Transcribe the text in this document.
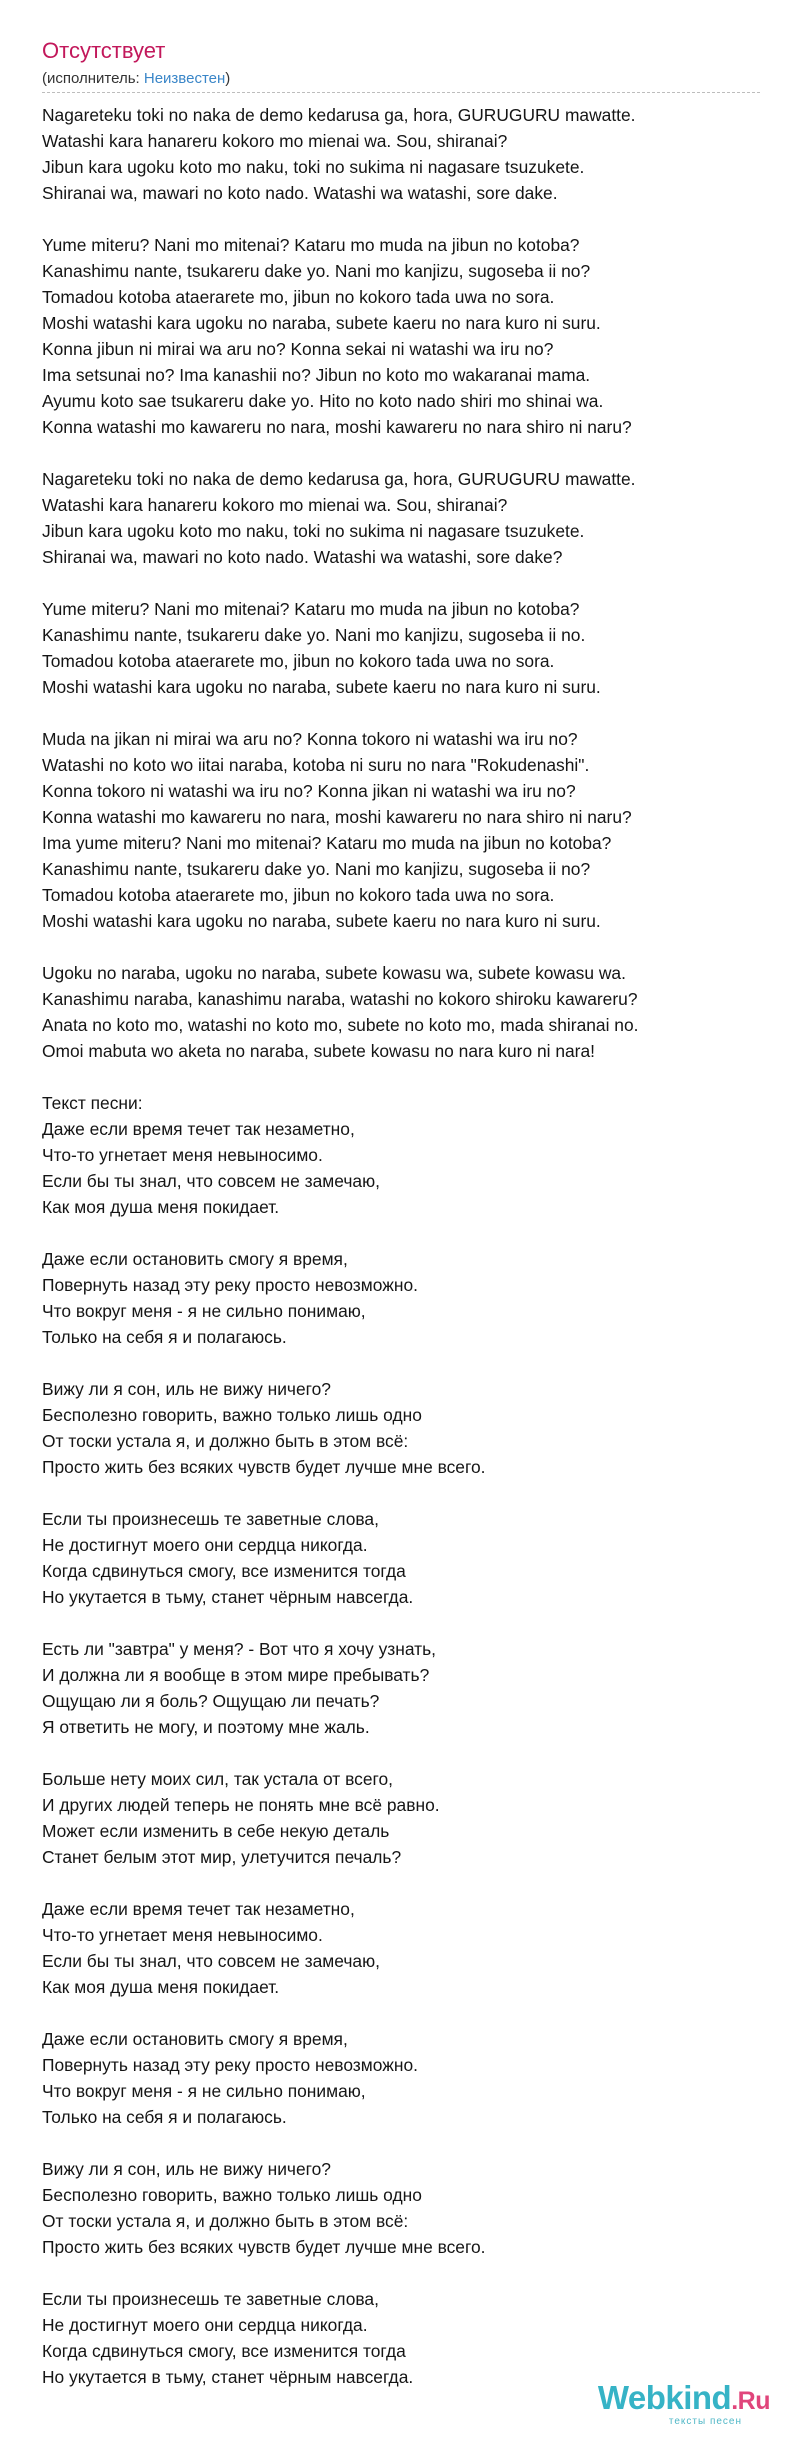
Отсутствует
(исполнитель: Неизвестен)
Nagareteku toki no naka de demo kedarusa ga, hora, GURUGURU mawatte.
Watashi kara hanareru kokoro mo mienai wa. Sou, shiranai?
Jibun kara ugoku koto mo naku, toki no sukima ni nagasare tsuzukete.
Shiranai wa, mawari no koto nado. Watashi wa watashi, sore dake.
Yume miteru? Nani mo mitenai? Kataru mo muda na jibun no kotoba?
Kanashimu nante, tsukareru dake yo. Nani mo kanjizu, sugoseba ii no?
Tomadou kotoba ataerarete mo, jibun no kokoro tada uwa no sora.
Moshi watashi kara ugoku no naraba, subete kaeru no nara kuro ni suru.
Konna jibun ni mirai wa aru no? Konna sekai ni watashi wa iru no?
Ima setsunai no? Ima kanashii no? Jibun no koto mo wakaranai mama.
Ayumu koto sae tsukareru dake yo. Hito no koto nado shiri mo shinai wa.
Konna watashi mo kawareru no nara, moshi kawareru no nara shiro ni naru?
Nagareteku toki no naka de demo kedarusa ga, hora, GURUGURU mawatte.
Watashi kara hanareru kokoro mo mienai wa. Sou, shiranai?
Jibun kara ugoku koto mo naku, toki no sukima ni nagasare tsuzukete.
Shiranai wa, mawari no koto nado. Watashi wa watashi, sore dake?
Yume miteru? Nani mo mitenai? Kataru mo muda na jibun no kotoba?
Kanashimu nante, tsukareru dake yo. Nani mo kanjizu, sugoseba ii no.
Tomadou kotoba ataerarete mo, jibun no kokoro tada uwa no sora.
Moshi watashi kara ugoku no naraba, subete kaeru no nara kuro ni suru.
Muda na jikan ni mirai wa aru no? Konna tokoro ni watashi wa iru no?
Watashi no koto wo iitai naraba, kotoba ni suru no nara "Rokudenashi".
Konna tokoro ni watashi wa iru no? Konna jikan ni watashi wa iru no?
Konna watashi mo kawareru no nara, moshi kawareru no nara shiro ni naru?
Ima yume miteru? Nani mo mitenai? Kataru mo muda na jibun no kotoba?
Kanashimu nante, tsukareru dake yo. Nani mo kanjizu, sugoseba ii no?
Tomadou kotoba ataerarete mo, jibun no kokoro tada uwa no sora.
Moshi watashi kara ugoku no naraba, subete kaeru no nara kuro ni suru.
Ugoku no naraba, ugoku no naraba, subete kowasu wa, subete kowasu wa.
Kanashimu naraba, kanashimu naraba, watashi no kokoro shiroku kawareru?
Anata no koto mo, watashi no koto mo, subete no koto mo, mada shiranai no.
Omoi mabuta wo aketa no naraba, subete kowasu no nara kuro ni nara!
Текст песни:
Даже если время течет так незаметно,
Что-то угнетает меня невыносимо.
Если бы ты знал, что совсем не замечаю,
Как моя душа меня покидает.
Даже если остановить смогу я время,
Повернуть назад эту реку просто невозможно.
Что вокруг меня - я не сильно понимаю,
Только на себя я и полагаюсь.
Вижу ли я сон, иль не вижу ничего?
Бесполезно говорить, важно только лишь одно
От тоски устала я, и должно быть в этом всё:
Просто жить без всяких чувств будет лучше мне всего.
Если ты произнесешь те заветные слова,
Не достигнут моего они сердца никогда.
Когда сдвинуться смогу, все изменится тогда
Но укутается в тьму, станет чёрным навсегда.
Есть ли "завтра" у меня? - Вот что я хочу узнать,
И должна ли я вообще в этом мире пребывать?
Ощущаю ли я боль? Ощущаю ли печать?
Я ответить не могу, и поэтому мне жаль.
Больше нету моих сил, так устала от всего,
И других людей теперь не понять мне всё равно.
Может если изменить в себе некую деталь
Станет белым этот мир, улетучится печаль?
Даже если время течет так незаметно,
Что-то угнетает меня невыносимо.
Если бы ты знал, что совсем не замечаю,
Как моя душа меня покидает.
Даже если остановить смогу я время,
Повернуть назад эту реку просто невозможно.
Что вокруг меня - я не сильно понимаю,
Только на себя я и полагаюсь.
Вижу ли я сон, иль не вижу ничего?
Бесполезно говорить, важно только лишь одно
От тоски устала я, и должно быть в этом всё:
Просто жить без всяких чувств будет лучше мне всего.
Если ты произнесешь те заветные слова,
Не достигнут моего они сердца никогда.
Когда сдвинуться смогу, все изменится тогда
Но укутается в тьму, станет чёрным навсегда.
Webkind.Ru
тексты песен
